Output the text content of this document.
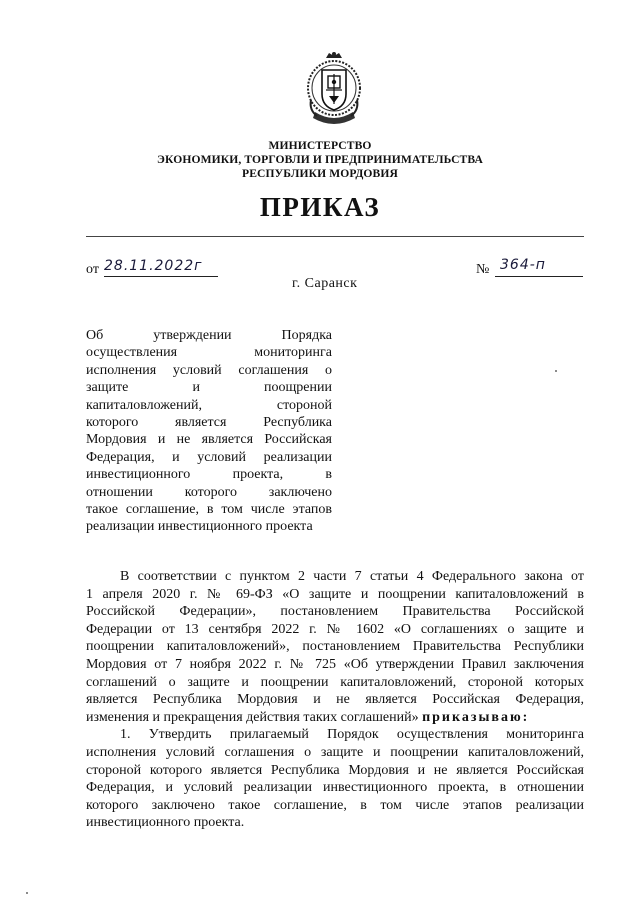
МИНИСТЕРСТВО
ЭКОНОМИКИ, ТОРГОВЛИ И ПРЕДПРИНИМАТЕЛЬСТВА
РЕСПУБЛИКИ МОРДОВИЯ
ПРИКАЗ
от 28.11.2022г	№ 364-п
г. Саранск
Об утверждении Порядка
осуществления мониторинга
исполнения условий соглашения о
защите и поощрении
капиталовложений, стороной
которого является Республика
Мордовия и не является Российская
Федерация, и условий реализации
инвестиционного проекта, в
отношении которого заключено
такое соглашение, в том числе этапов
реализации инвестиционного проекта
В соответствии с пунктом 2 части 7 статьи 4 Федерального закона от
1 апреля 2020 г. № 69-ФЗ «О защите и поощрении капиталовложений в
Российской Федерации», постановлением Правительства Российской
Федерации от 13 сентября 2022 г. № 1602 «О соглашениях о защите и
поощрении капиталовложений», постановлением Правительства Республики
Мордовия от 7 ноября 2022 г. № 725 «Об утверждении Правил заключения
соглашений о защите и поощрении капиталовложений, стороной которых
является Республика Мордовия и не является Российская Федерация,
изменения и прекращения действия таких соглашений» приказываю:
1. Утвердить прилагаемый Порядок осуществления мониторинга
исполнения условий соглашения о защите и поощрении капиталовложений,
стороной которого является Республика Мордовия и не является Российская
Федерация, и условий реализации инвестиционного проекта, в отношении
которого заключено такое соглашение, в том числе этапов реализации
инвестиционного проекта.
